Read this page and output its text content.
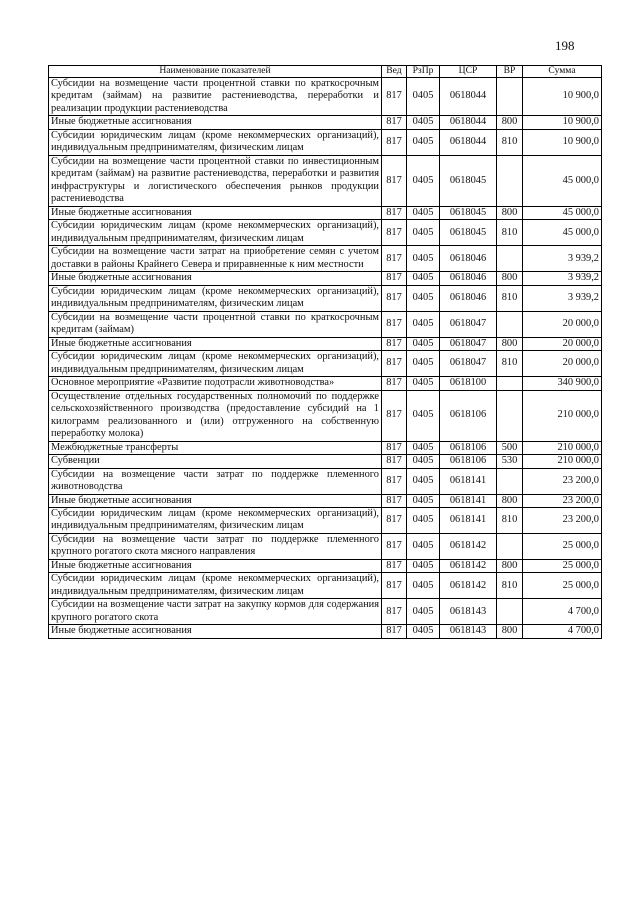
198
Наименование показателей	Вед	РзПр	ЦСР	ВР	Сумма
Субсидии на возмещение части процентной ставки по краткосрочным кредитам (займам) на развитие растениеводства, переработки и реализации продукции растениеводства	817	0405	0618044		10 900,0
Иные бюджетные ассигнования	817	0405	0618044	800	10 900,0
Субсидии юридическим лицам (кроме некоммерческих организаций), индивидуальным предпринимателям, физическим лицам	817	0405	0618044	810	10 900,0
Субсидии на возмещение части процентной ставки по инвестиционным кредитам (займам) на развитие растениеводства, переработки и развития инфраструктуры и логистического обеспечения рынков продукции растениеводства	817	0405	0618045		45 000,0
Иные бюджетные ассигнования	817	0405	0618045	800	45 000,0
Субсидии юридическим лицам (кроме некоммерческих организаций), индивидуальным предпринимателям, физическим лицам	817	0405	0618045	810	45 000,0
Субсидии на возмещение части затрат на приобретение семян с учетом доставки в районы Крайнего Севера и приравненные к ним местности	817	0405	0618046		3 939,2
Иные бюджетные ассигнования	817	0405	0618046	800	3 939,2
Субсидии юридическим лицам (кроме некоммерческих организаций), индивидуальным предпринимателям, физическим лицам	817	0405	0618046	810	3 939,2
Субсидии на возмещение части процентной ставки по краткосрочным кредитам (займам)	817	0405	0618047		20 000,0
Иные бюджетные ассигнования	817	0405	0618047	800	20 000,0
Субсидии юридическим лицам (кроме некоммерческих организаций), индивидуальным предпринимателям, физическим лицам	817	0405	0618047	810	20 000,0
Основное мероприятие «Развитие подотрасли животноводства»	817	0405	0618100		340 900,0
Осуществление отдельных государственных полномочий по поддержке сельскохозяйственного производства (предоставление субсидий на 1 килограмм реализованного и (или) отгруженного на собственную переработку молока)	817	0405	0618106		210 000,0
Межбюджетные трансферты	817	0405	0618106	500	210 000,0
Субвенции	817	0405	0618106	530	210 000,0
Субсидии на возмещение части затрат по поддержке племенного животноводства	817	0405	0618141		23 200,0
Иные бюджетные ассигнования	817	0405	0618141	800	23 200,0
Субсидии юридическим лицам (кроме некоммерческих организаций), индивидуальным предпринимателям, физическим лицам	817	0405	0618141	810	23 200,0
Субсидии на возмещение части затрат по поддержке племенного крупного рогатого скота мясного направления	817	0405	0618142		25 000,0
Иные бюджетные ассигнования	817	0405	0618142	800	25 000,0
Субсидии юридическим лицам (кроме некоммерческих организаций), индивидуальным предпринимателям, физическим лицам	817	0405	0618142	810	25 000,0
Субсидии на возмещение части затрат на закупку кормов для содержания крупного рогатого скота	817	0405	0618143		4 700,0
Иные бюджетные ассигнования	817	0405	0618143	800	4 700,0
